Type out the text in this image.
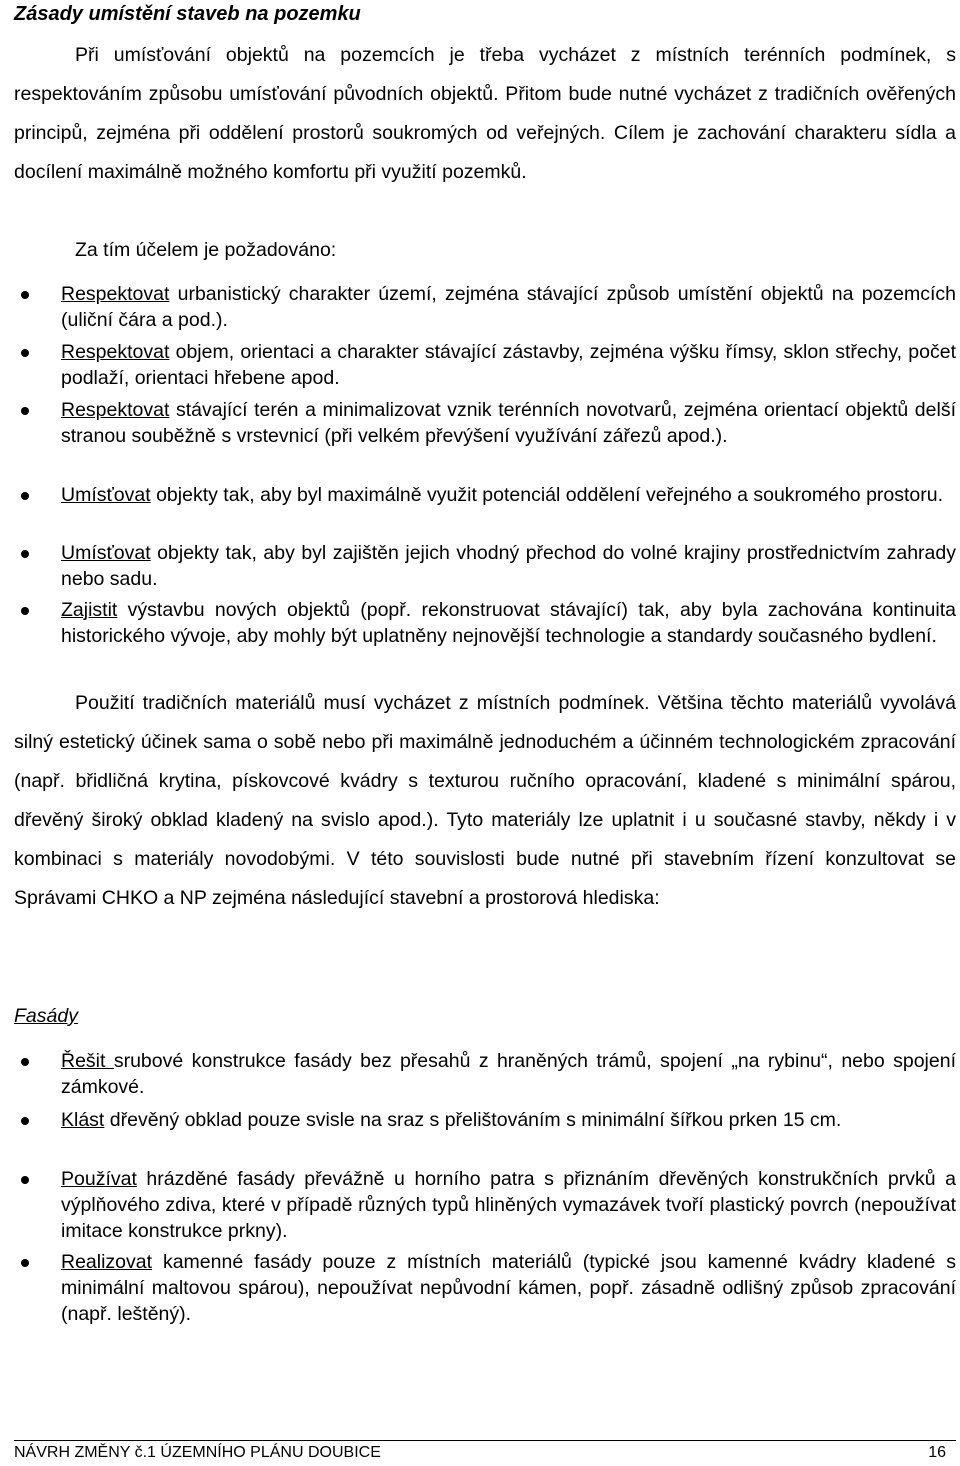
Zásady umístění staveb na pozemku

Při umísťování objektů na pozemcích je třeba vycházet z místních terénních podmínek, s respektováním způsobu umísťování původních objektů. Přitom bude nutné vycházet z tradičních ověřených principů, zejména při oddělení prostorů soukromých od veřejných. Cílem je zachování charakteru sídla a docílení maximálně možného komfortu při využití pozemků.

Za tím účelem je požadováno:

Respektovat urbanistický charakter území, zejména stávající způsob umístění objektů na pozemcích (uliční čára a pod.).

Respektovat objem, orientaci a charakter stávající zástavby, zejména výšku římsy, sklon střechy, počet podlaží, orientaci hřebene apod.

Respektovat stávající terén a minimalizovat vznik terénních novotvarů, zejména orientací objektů delší stranou souběžně s vrstevnicí (při velkém převýšení využívání zářezů apod.).

Umísťovat objekty tak, aby byl maximálně využit potenciál oddělení veřejného a soukromého prostoru.

Umísťovat objekty tak, aby byl zajištěn jejich vhodný přechod do volné krajiny prostřednictvím zahrady nebo sadu.

Zajistit výstavbu nových objektů (popř. rekonstruovat stávající) tak, aby byla zachována kontinuita historického vývoje, aby mohly být uplatněny nejnovější technologie a standardy současného bydlení.

Použití tradičních materiálů musí vycházet z místních podmínek. Většina těchto materiálů vyvolává silný estetický účinek sama o sobě nebo při maximálně jednoduchém a účinném technologickém zpracování (např. břidličná krytina, pískovcové kvádry s texturou ručního opracování, kladené s minimální spárou, dřevěný široký obklad kladený na svislo apod.). Tyto materiály lze uplatnit i u současné stavby, někdy i v kombinaci s materiály novodobými. V této souvislosti bude nutné při stavebním řízení konzultovat se Správami CHKO a NP zejména následující stavební a prostorová hlediska:

Fasády

Řešit srubové konstrukce fasády bez přesahů z hraněných trámů, spojení „na rybinu“, nebo spojení zámkové.

Klást dřevěný obklad pouze svisle na sraz s přelištováním s minimální šířkou prken 15 cm.

Používat hrázděné fasády převážně u horního patra s přiznáním dřevěných konstrukčních prvků a výplňového zdiva, které v případě různých typů hliněných vymazávek tvoří plastický povrch (nepoužívat imitace konstrukce prkny).

Realizovat kamenné fasády pouze z místních materiálů (typické jsou kamenné kvádry kladené s minimální maltovou spárou), nepoužívat nepůvodní kámen, popř. zásadně odlišný způsob zpracování (např. leštěný).

NÁVRH ZMĚNY č.1 ÚZEMNÍHO PLÁNU DOUBICE	16
